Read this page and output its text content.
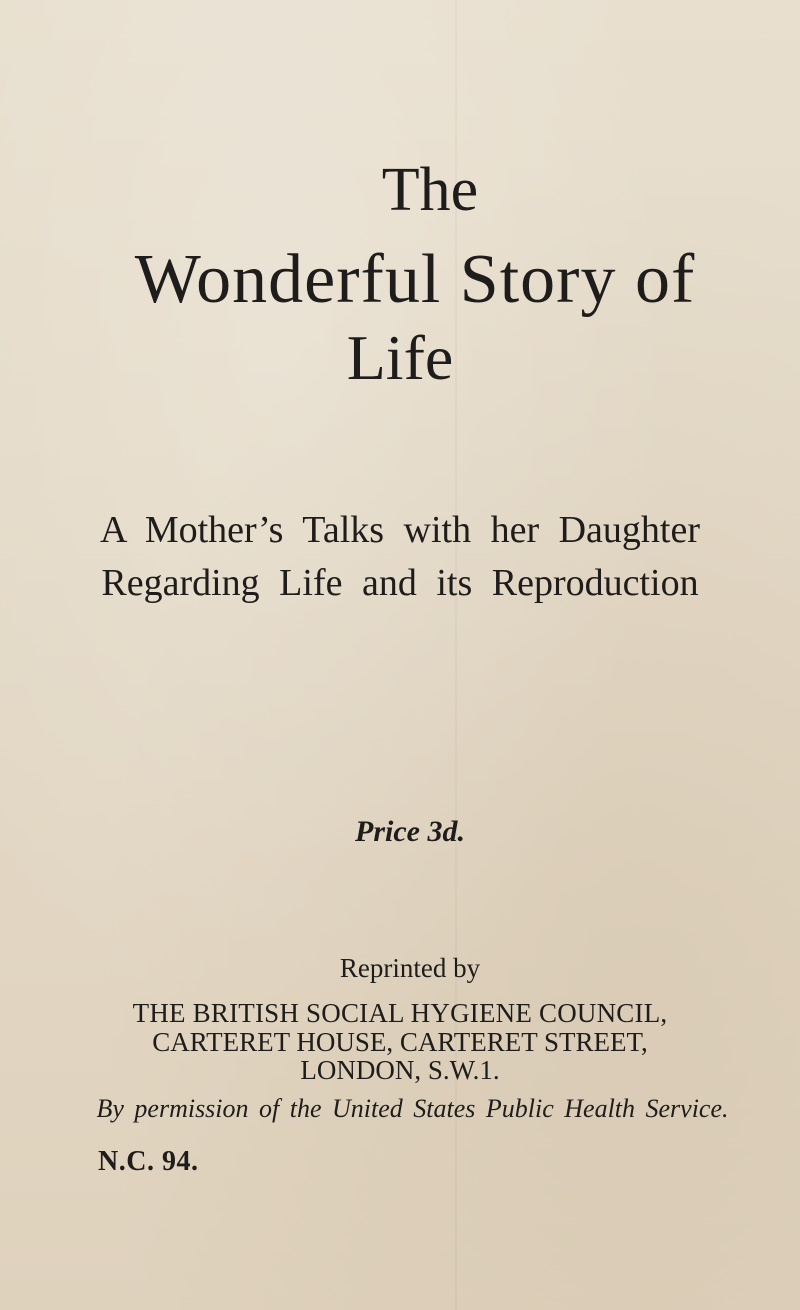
The
Wonderful Story of
Life

A Mother’s Talks with her Daughter

Regarding Life and its Reproduction

Price 3d.

Reprinted by

THE BRITISH SOCIAL HYGIENE COUNCIL,

CARTERET HOUSE, CARTERET STREET,

LONDON, S.W.1.

By permission of the United States Public Health Service.

N.C. 94.
